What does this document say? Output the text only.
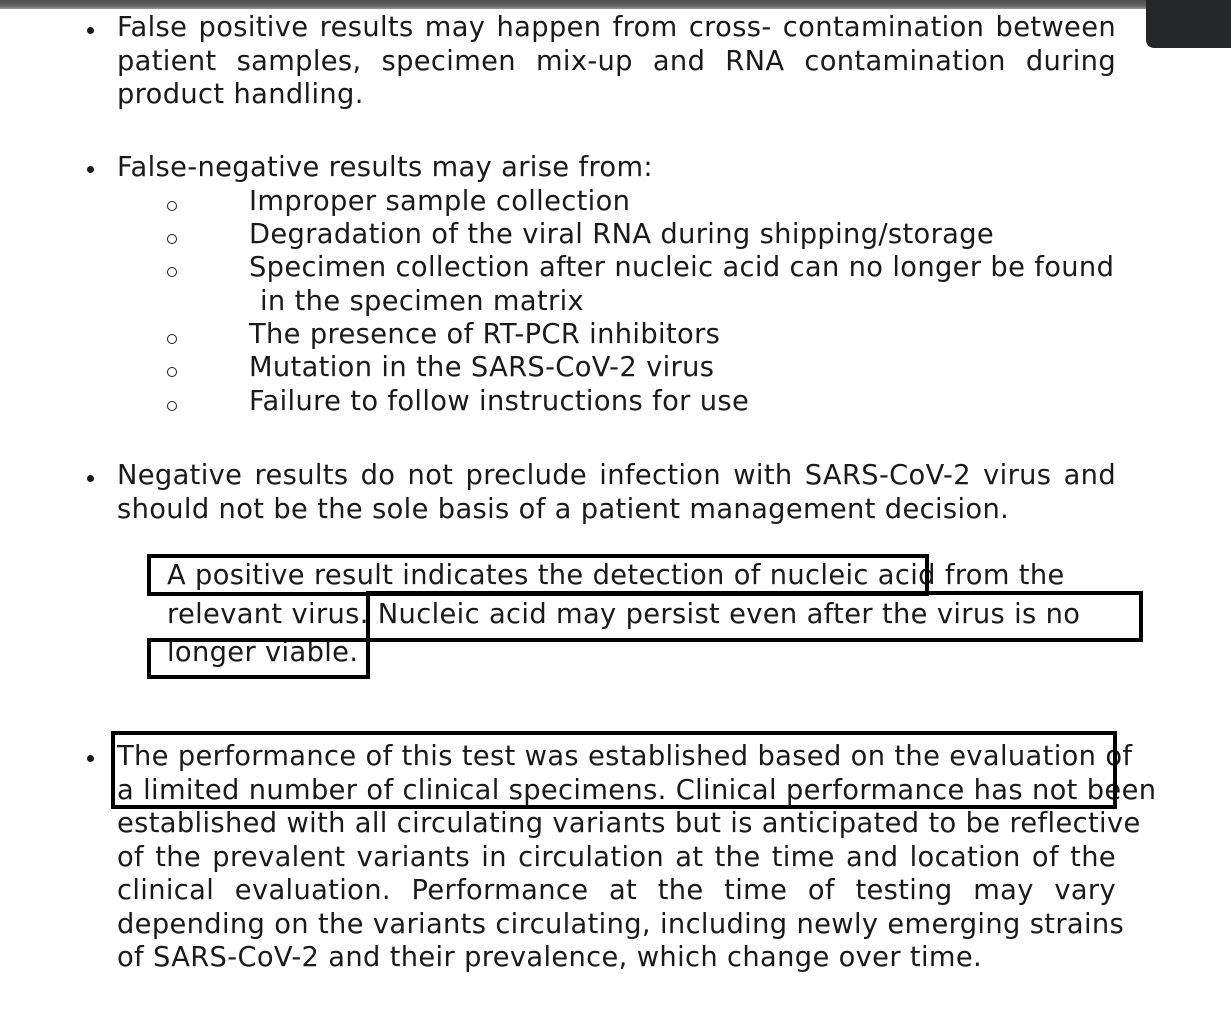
False positive results may happen from cross- contamination between
patient samples, specimen mix-up and RNA contamination during
product handling.
False-negative results may arise from:
Improper sample collection
Degradation of the viral RNA during shipping/storage
Specimen collection after nucleic acid can no longer be found
in the specimen matrix
The presence of RT-PCR inhibitors
Mutation in the SARS-CoV-2 virus
Failure to follow instructions for use
Negative results do not preclude infection with SARS-CoV-2 virus and
should not be the sole basis of a patient management decision.
A positive result indicates the detection of nucleic acid from the
relevant virus. Nucleic acid may persist even after the virus is no
longer viable.
The performance of this test was established based on the evaluation of
a limited number of clinical specimens. Clinical performance has not been
established with all circulating variants but is anticipated to be reflective
of the prevalent variants in circulation at the time and location of the
clinical evaluation. Performance at the time of testing may vary
depending on the variants circulating, including newly emerging strains
of SARS-CoV-2 and their prevalence, which change over time.
